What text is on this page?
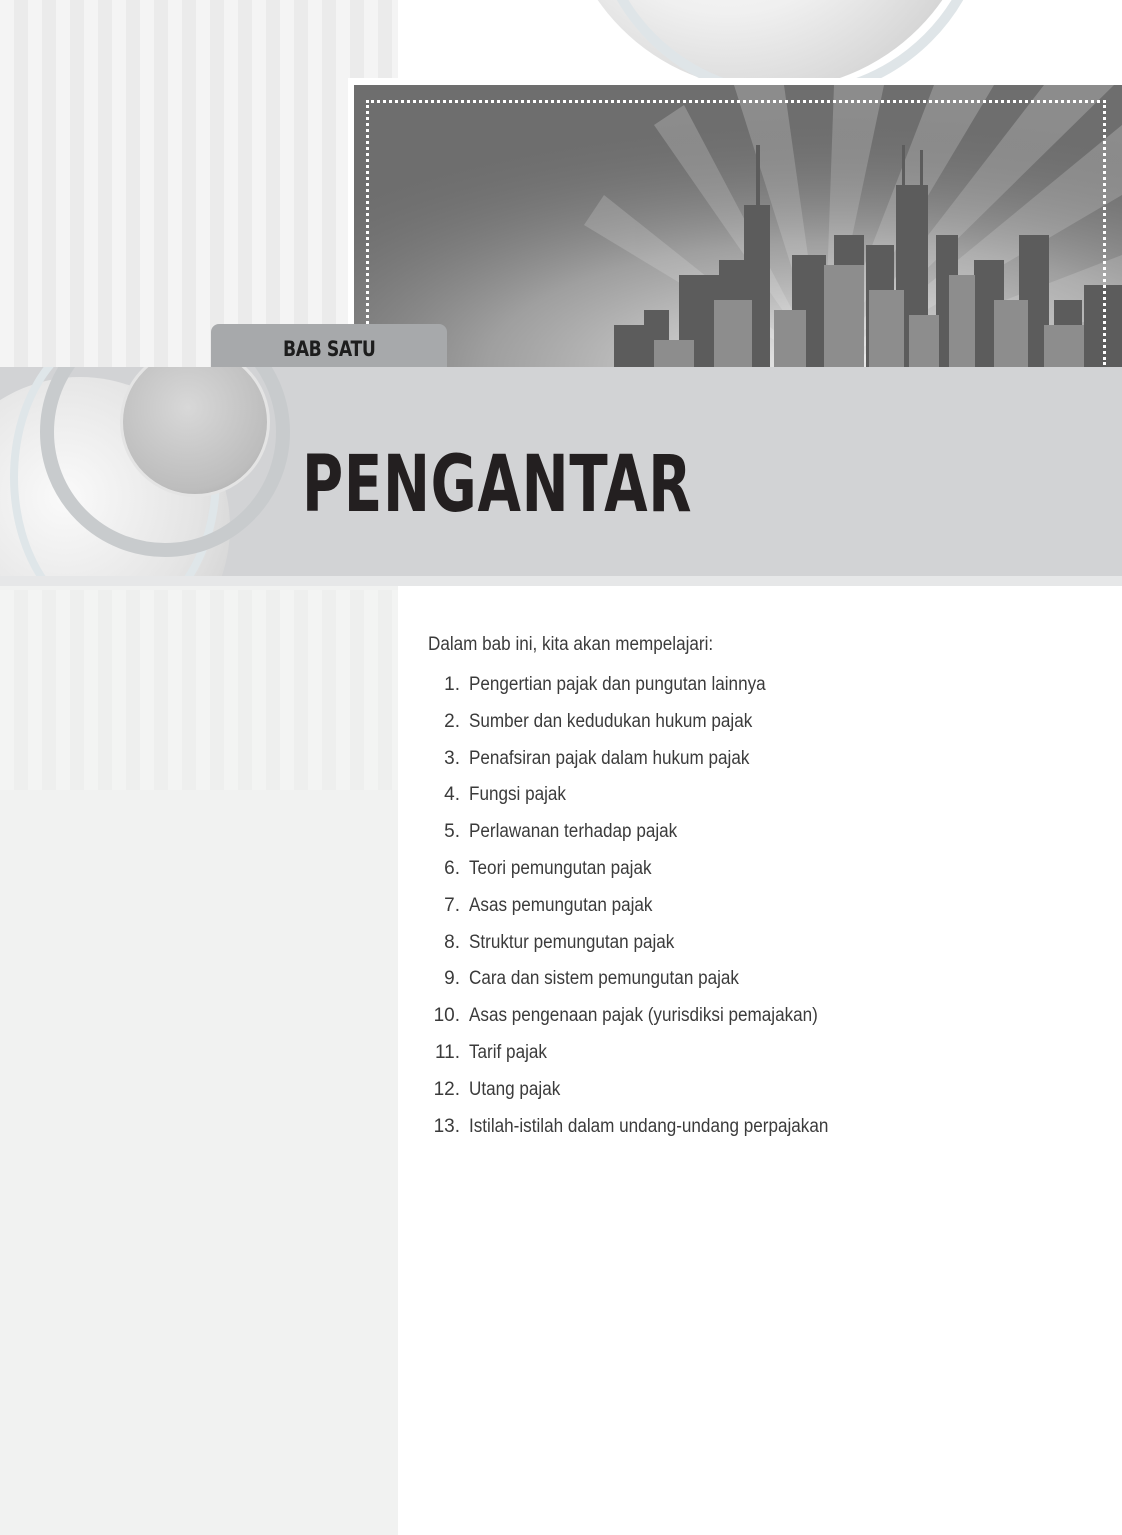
BAB SATU
PENGANTAR
Dalam bab ini, kita akan mempelajari:
1. Pengertian pajak dan pungutan lainnya
2. Sumber dan kedudukan hukum pajak
3. Penafsiran pajak dalam hukum pajak
4. Fungsi pajak
5. Perlawanan terhadap pajak
6. Teori pemungutan pajak
7. Asas pemungutan pajak
8. Struktur pemungutan pajak
9. Cara dan sistem pemungutan pajak
10. Asas pengenaan pajak (yurisdiksi pemajakan)
11. Tarif pajak
12. Utang pajak
13. Istilah-istilah dalam undang-undang perpajakan
